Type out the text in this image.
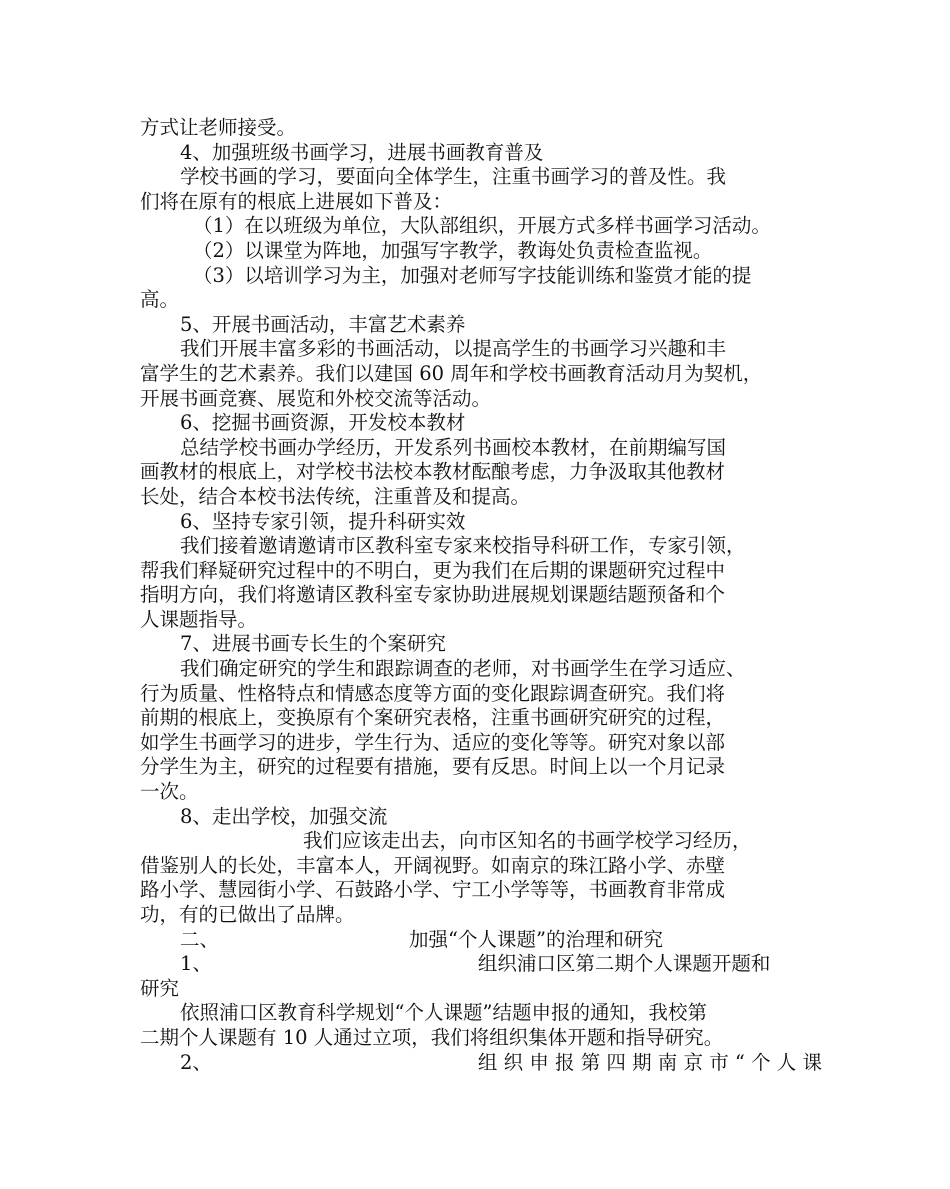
方式让老师接受。
4、加强班级书画学习，进展书画教育普及
学校书画的学习，要面向全体学生，注重书画学习的普及性。我
们将在原有的根底上进展如下普及：
（1）在以班级为单位，大队部组织，开展方式多样书画学习活动。
（2）以课堂为阵地，加强写字教学，教诲处负责检查监视。
（3）以培训学习为主，加强对老师写字技能训练和鉴赏才能的提
高。
5、开展书画活动，丰富艺术素养
我们开展丰富多彩的书画活动，以提高学生的书画学习兴趣和丰
富学生的艺术素养。我们以建国 60 周年和学校书画教育活动月为契机，
开展书画竞赛、展览和外校交流等活动。
6、挖掘书画资源，开发校本教材
总结学校书画办学经历，开发系列书画校本教材，在前期编写国
画教材的根底上，对学校书法校本教材酝酿考虑，力争汲取其他教材
长处，结合本校书法传统，注重普及和提高。
6、坚持专家引领，提升科研实效
我们接着邀请邀请市区教科室专家来校指导科研工作，专家引领，
帮我们释疑研究过程中的不明白，更为我们在后期的课题研究过程中
指明方向，我们将邀请区教科室专家协助进展规划课题结题预备和个
人课题指导。
7、进展书画专长生的个案研究
我们确定研究的学生和跟踪调查的老师，对书画学生在学习适应、
行为质量、性格特点和情感态度等方面的变化跟踪调查研究。我们将
前期的根底上，变换原有个案研究表格，注重书画研究研究的过程，
如学生书画学习的进步，学生行为、适应的变化等等。研究对象以部
分学生为主，研究的过程要有措施，要有反思。时间上以一个月记录
一次。
8、走出学校，加强交流
我们应该走出去，向市区知名的书画学校学习经历，
借鉴别人的长处，丰富本人，开阔视野。如南京的珠江路小学、赤壁
路小学、慧园街小学、石鼓路小学、宁工小学等等，书画教育非常成
功，有的已做出了品牌。
二、	加强“个人课题”的治理和研究
1、	组织浦口区第二期个人课题开题和
研究
依照浦口区教育科学规划“个人课题”结题申报的通知，我校第
二期个人课题有 10 人通过立项，我们将组织集体开题和指导研究。
2、	组 织 申 报 第 四 期 南 京 市 “ 个 人 课
